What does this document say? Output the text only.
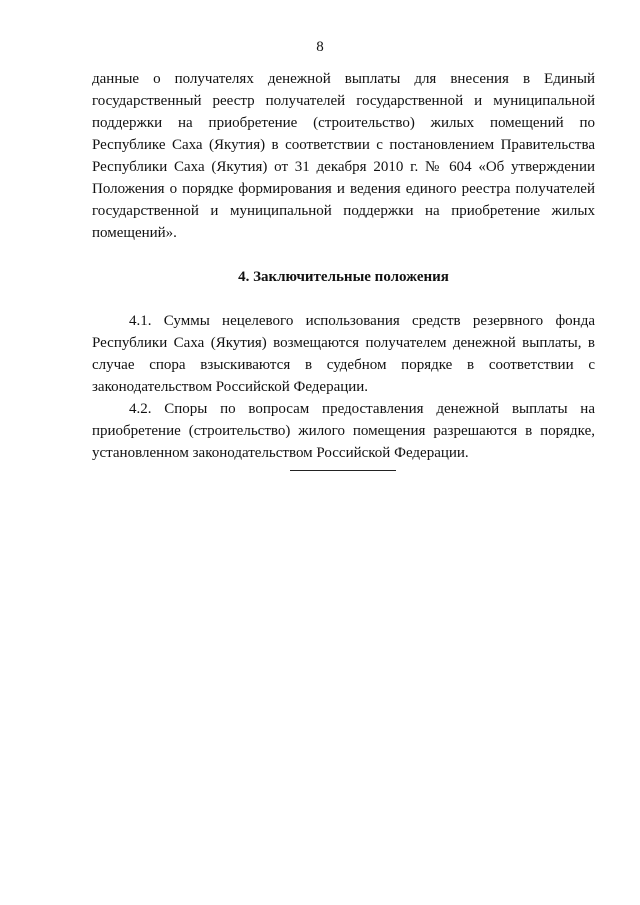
8

данные о получателях денежной выплаты для внесения в Единый государственный реестр получателей государственной и муниципальной поддержки на приобретение (строительство) жилых помещений по Республике Саха (Якутия) в соответствии с постановлением Правительства Республики Саха (Якутия) от 31 декабря 2010 г. № 604 «Об утверждении Положения о порядке формирования и ведения единого реестра получателей государственной и муниципальной поддержки на приобретение жилых помещений».

4. Заключительные положения

4.1. Суммы нецелевого использования средств резервного фонда Республики Саха (Якутия) возмещаются получателем денежной выплаты, в случае спора взыскиваются в судебном порядке в соответствии с законодательством Российской Федерации.

4.2. Споры по вопросам предоставления денежной выплаты на приобретение (строительство) жилого помещения разрешаются в порядке, установленном законодательством Российской Федерации.
